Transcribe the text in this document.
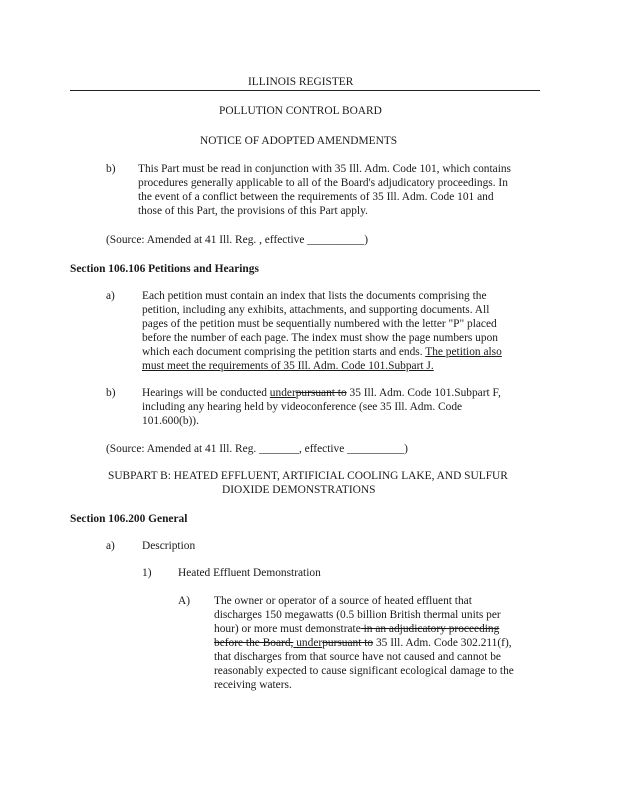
ILLINOIS REGISTER
POLLUTION CONTROL BOARD
NOTICE OF ADOPTED AMENDMENTS
b) This Part must be read in conjunction with 35 Ill. Adm. Code 101, which contains
procedures generally applicable to all of the Board's adjudicatory proceedings. In
the event of a conflict between the requirements of 35 Ill. Adm. Code 101 and
those of this Part, the provisions of this Part apply.
(Source: Amended at 41 Ill. Reg. , effective __________)
Section 106.106 Petitions and Hearings
a) Each petition must contain an index that lists the documents comprising the
petition, including any exhibits, attachments, and supporting documents. All
pages of the petition must be sequentially numbered with the letter "P" placed
before the number of each page. The index must show the page numbers upon
which each document comprising the petition starts and ends. The petition also
must meet the requirements of 35 Ill. Adm. Code 101.Subpart J.
b) Hearings will be conducted underpursuant to 35 Ill. Adm. Code 101.Subpart F,
including any hearing held by videoconference (see 35 Ill. Adm. Code
101.600(b)).
(Source: Amended at 41 Ill. Reg. _______, effective __________)
SUBPART B: HEATED EFFLUENT, ARTIFICIAL COOLING LAKE, AND SULFUR
DIOXIDE DEMONSTRATIONS
Section 106.200 General
a) Description
1) Heated Effluent Demonstration
A) The owner or operator of a source of heated effluent that
discharges 150 megawatts (0.5 billion British thermal units per
hour) or more must demonstrate in an adjudicatory proceeding
before the Board, underpursuant to 35 Ill. Adm. Code 302.211(f),
that discharges from that source have not caused and cannot be
reasonably expected to cause significant ecological damage to the
receiving waters.
